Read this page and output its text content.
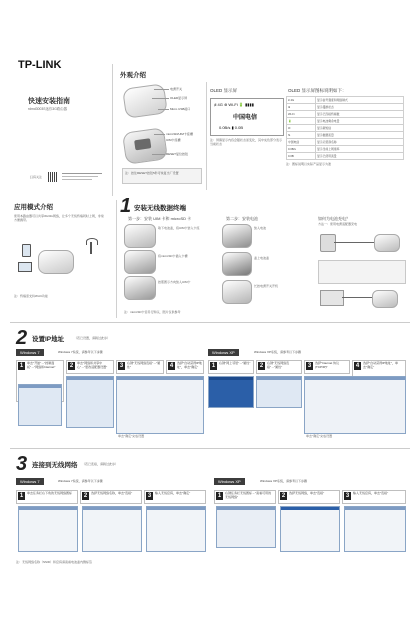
TP-LINK
快速安装指南
rdmd3003S迷你3G路由器
扫码关注
外观介绍
电源开关
OLED显示屏
Micro USB接口
microSD/UIM卡座槽
UIM卡座槽
RESET复位按钮
注：按住RESET按钮5秒可恢复出厂设置
OLED 显示屏
ᵢll 4G ⊛ Wi-Fi 🔋 ▮▮▮▮
中国电信
0.0B/s ▮ 0.0B
注：屏幕显示内容会随状态而变化，其中灰色部分表示当前状态
OLED 显示屏图标说明如下：
ᵢll 4G	显示信号强度和网络制式
⊛	显示漫游状态
Wi-Fi	显示已连接终端数
🔋	显示电池剩余电量
✉	显示新短信
⇅	显示数据流量
中国电信	显示运营商名称
0.0B/s	显示当前上网速率
0.0B	显示已使用流量
注：图标说明以实际产品显示为准
应用模式介绍
使用本路由器可以共享3G/4G网络，让多个无线终端同时上网，非常方便携带。
注：终端需支持Wi-Fi功能
1 安装无线数据终端
第一步：安装 UIM 卡和 microSD 卡	第二步：安装电池	如何为电池充电？
取下电池盖，将UIM卡装入卡座
将microSD卡插入卡槽
按照图示方向装入UIM卡
装入电池
盖上电池盖
长按电源开关开机
方法一：使用电源适配器充电
注：microSD卡需另行购买，图片仅供参考
2 设置IP地址	（若已设置，请跳过此步）
Windows 7	Windows 7系统，请参考以下步骤	Windows XP	Windows XP系统，请参考以下步骤
1	单击"开始"→"控制面板"→"网络和Internet"	2	单击"网络和共享中心"→"更改适配器设置"	3	右键"无线网络连接"→"属性"	4	选择"自动获得IP地址"，单击"确定"
单击"确定"完成设置
1	右键"网上邻居"→"属性"	2	右键"无线网络连接"→"属性"	3	选择"Internet 协议(TCP/IP)"	4	选择"自动获得IP地址"，单击"确定"
单击"确定"完成设置
3 连接到无线网络 （若已连接，请跳过此步）
Windows 7	Windows 7系统，请参考以下步骤	Windows XP	Windows XP系统，请参考以下步骤
1	单击任务栏右下角的无线网络图标	2	选择无线网络名称，单击"连接"	3	输入无线密码，单击"确定"	1	右键任务栏无线图标→"查看可用的无线网络"	2	选择无线网络，单击"连接"	3	输入无线密码，单击"连接"
注：无线网络名称（SSID）和密码请查看电池盖内侧标签
